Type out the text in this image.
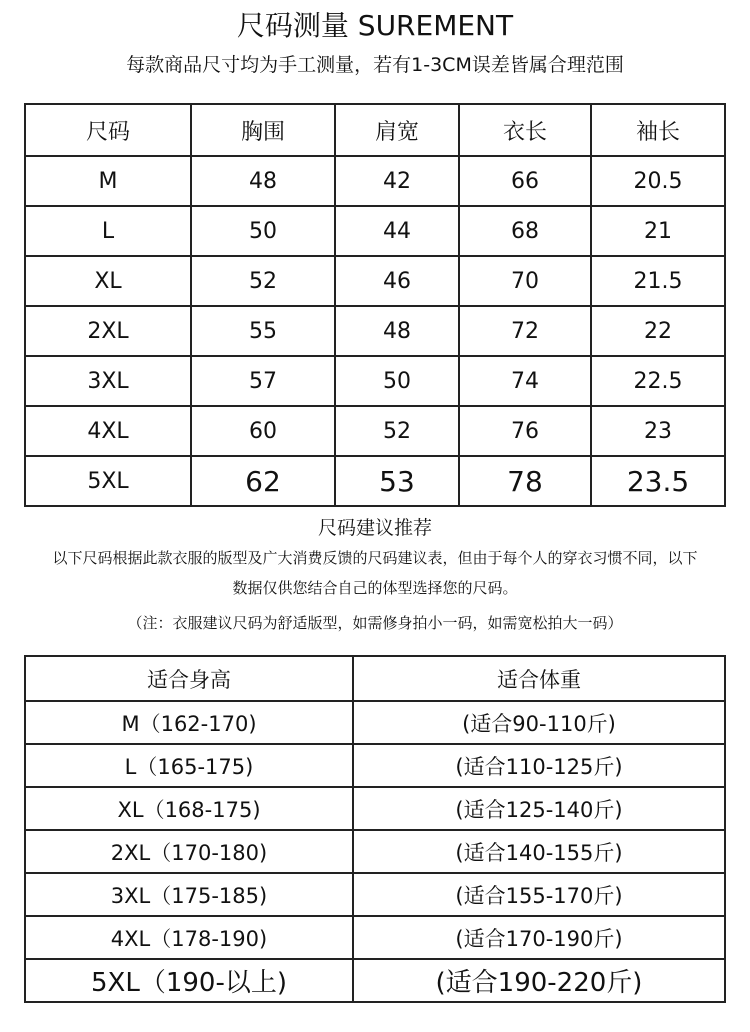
尺码测量 SUREMENT
每款商品尺寸均为手工测量，若有1-3CM误差皆属合理范围
尺码	胸围	肩宽	衣长	袖长
M	48	42	66	20.5
L	50	44	68	21
XL	52	46	70	21.5
2XL	55	48	72	22
3XL	57	50	74	22.5
4XL	60	52	76	23
5XL	62	53	78	23.5
尺码建议推荐
以下尺码根据此款衣服的版型及广大消费反馈的尺码建议表，但由于每个人的穿衣习惯不同，以下
数据仅供您结合自己的体型选择您的尺码。
（注：衣服建议尺码为舒适版型，如需修身拍小一码，如需宽松拍大一码）
适合身高	适合体重
M（162-170)	(适合90-110斤)
L（165-175)	(适合110-125斤)
XL（168-175)	(适合125-140斤)
2XL（170-180)	(适合140-155斤)
3XL（175-185)	(适合155-170斤)
4XL（178-190)	(适合170-190斤)
5XL（190-以上)	(适合190-220斤)
